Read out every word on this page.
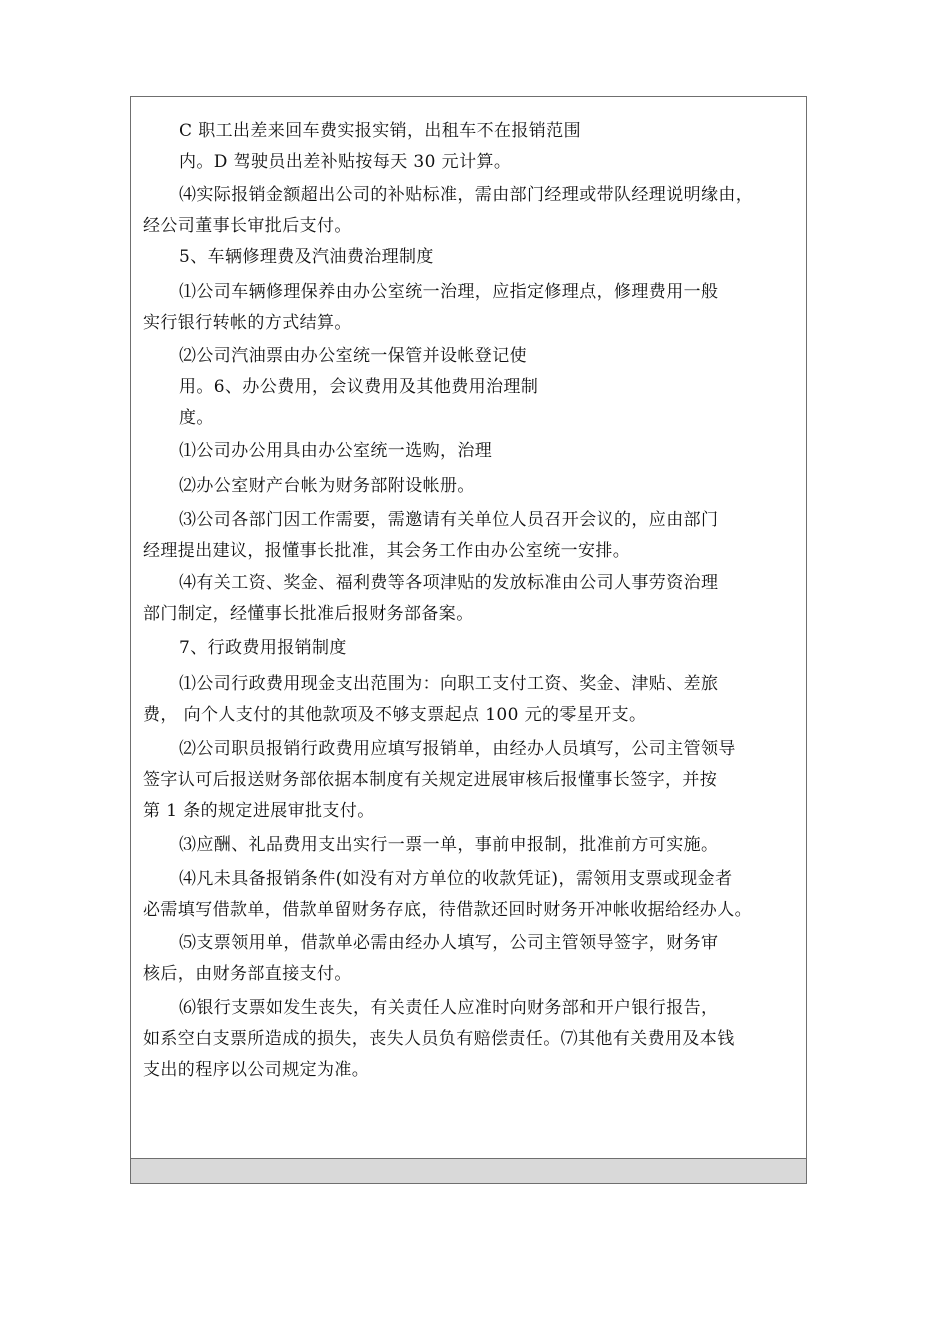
C 职工出差来回车费实报实销，出租车不在报销范围
内。D 驾驶员出差补贴按每天 30 元计算。
⑷实际报销金额超出公司的补贴标准，需由部门经理或带队经理说明缘由，
经公司董事长审批后支付。
5、车辆修理费及汽油费治理制度
⑴公司车辆修理保养由办公室统一治理，应指定修理点，修理费用一般
实行银行转帐的方式结算。
⑵公司汽油票由办公室统一保管并设帐登记使
用。6、办公费用，会议费用及其他费用治理制
度。
⑴公司办公用具由办公室统一选购，治理
⑵办公室财产台帐为财务部附设帐册。
⑶公司各部门因工作需要，需邀请有关单位人员召开会议的，应由部门
经理提出建议，报懂事长批准，其会务工作由办公室统一安排。
⑷有关工资、奖金、福利费等各项津贴的发放标准由公司人事劳资治理
部门制定，经懂事长批准后报财务部备案。
7、行政费用报销制度
⑴公司行政费用现金支出范围为：向职工支付工资、奖金、津贴、差旅
费， 向个人支付的其他款项及不够支票起点 100 元的零星开支。
⑵公司职员报销行政费用应填写报销单，由经办人员填写，公司主管领导
签字认可后报送财务部依据本制度有关规定进展审核后报懂事长签字，并按
第 1 条的规定进展审批支付。
⑶应酬、礼品费用支出实行一票一单，事前申报制，批准前方可实施。
⑷凡未具备报销条件(如没有对方单位的收款凭证)，需领用支票或现金者
必需填写借款单，借款单留财务存底，待借款还回时财务开冲帐收据给经办人。
⑸支票领用单，借款单必需由经办人填写，公司主管领导签字，财务审
核后，由财务部直接支付。
⑹银行支票如发生丧失，有关责任人应准时向财务部和开户银行报告，
如系空白支票所造成的损失，丧失人员负有赔偿责任。⑺其他有关费用及本钱
支出的程序以公司规定为准。
